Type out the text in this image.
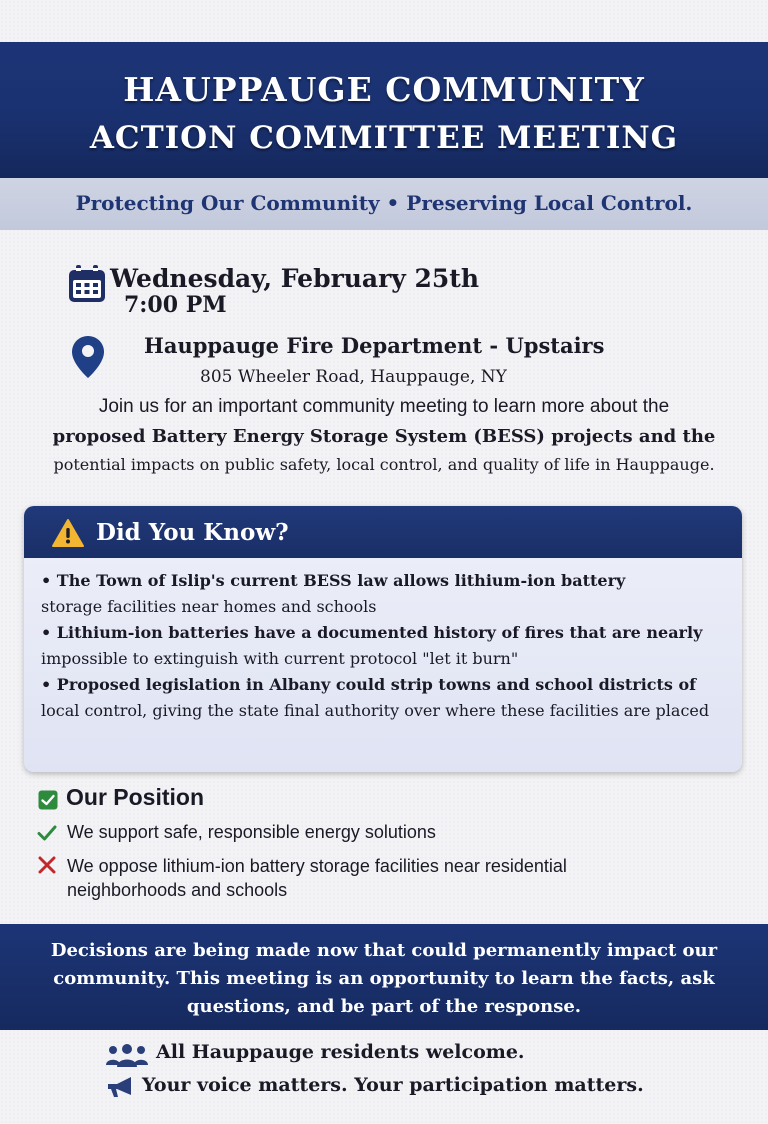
HAUPPAUGE COMMUNITY
ACTION COMMITTEE MEETING
Protecting Our Community • Preserving Local Control.
Wednesday, February 25th
7:00 PM
Hauppauge Fire Department - Upstairs
805 Wheeler Road, Hauppauge, NY
Join us for an important community meeting to learn more about the
proposed Battery Energy Storage System (BESS) projects and the
potential impacts on public safety, local control, and quality of life in Hauppauge.
Did You Know?
• The Town of Islip's current BESS law allows lithium-ion battery
storage facilities near homes and schools
• Lithium-ion batteries have a documented history of fires that are nearly
impossible to extinguish with current protocol "let it burn"
• Proposed legislation in Albany could strip towns and school districts of
local control, giving the state final authority over where these facilities are placed
Our Position
We support safe, responsible energy solutions
We oppose lithium-ion battery storage facilities near residential neighborhoods and schools
Decisions are being made now that could permanently impact our community. This meeting is an opportunity to learn the facts, ask questions, and be part of the response.
All Hauppauge residents welcome.
Your voice matters. Your participation matters.
